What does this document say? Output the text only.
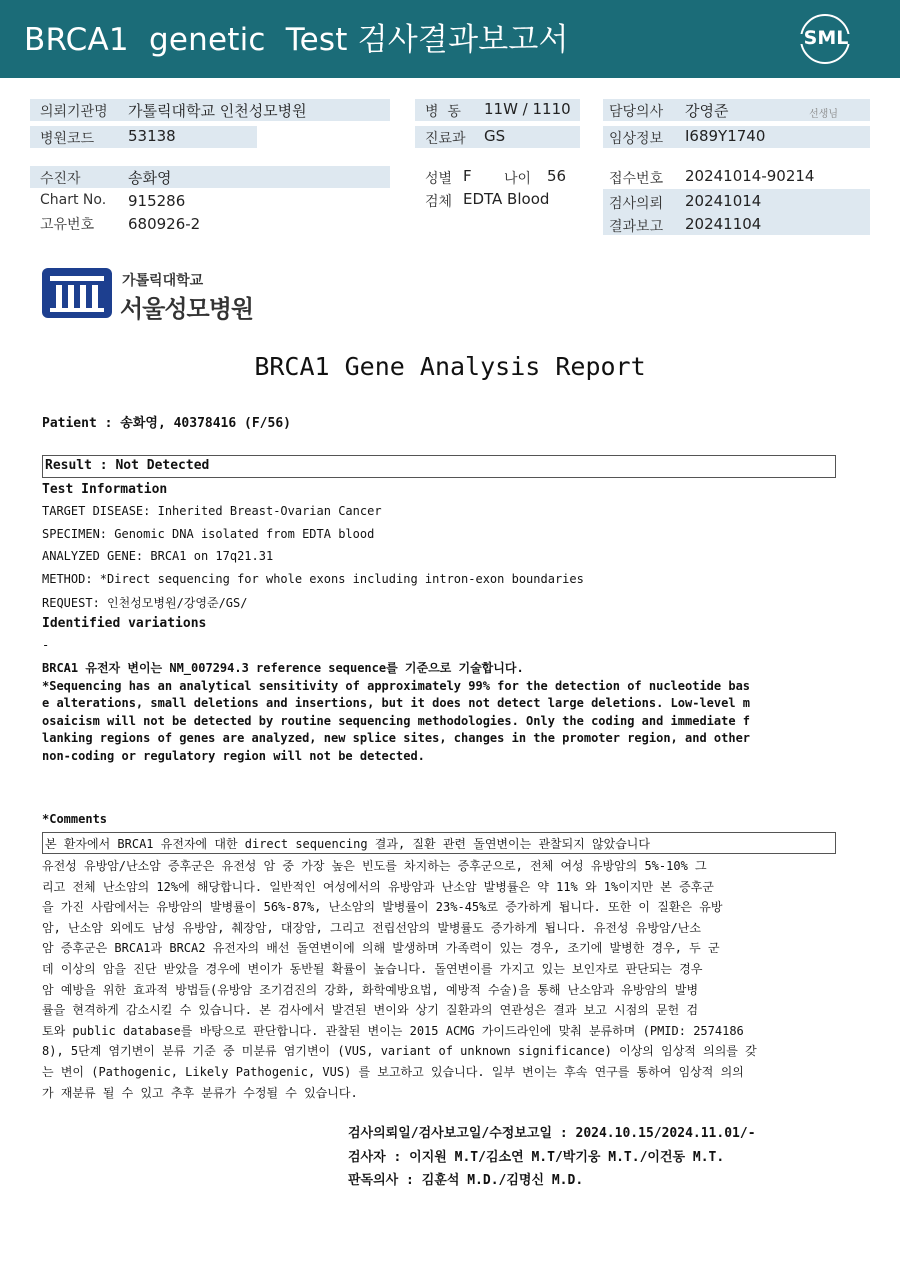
BRCA1  genetic  Test 검사결과보고서	SML
의뢰기관명 가톨릭대학교 인천성모병원
병원코드 53138
병  동 11W / 1110
진료과 GS
담당의사 강영준	선생님
임상정보 I689Y1740
수진자	송화영
Chart No. 915286
고유번호 680926-2
성별 F 나이 56
검체 EDTA Blood
접수번호 20241014-90214
검사의뢰 20241014
결과보고 20241104
가톨릭대학교
서울성모병원
BRCA1 Gene Analysis Report
Patient : 송화영, 40378416 (F/56)
Result : Not Detected
Test Information
TARGET DISEASE: Inherited Breast-Ovarian Cancer
SPECIMEN: Genomic DNA isolated from EDTA blood
ANALYZED GENE: BRCA1 on 17q21.31
METHOD: *Direct sequencing for whole exons including intron-exon boundaries
REQUEST: 인천성모병원/강영준/GS/
Identified variations
-
BRCA1 유전자 변이는 NM_007294.3 reference sequence를 기준으로 기술합니다.
*Sequencing has an analytical sensitivity of approximately 99% for the detection of nucleotide bas
e alterations, small deletions and insertions, but it does not detect large deletions. Low-level m
osaicism will not be detected by routine sequencing methodologies. Only the coding and immediate f
lanking regions of genes are analyzed, new splice sites, changes in the promoter region, and other
non-coding or regulatory region will not be detected.
*Comments
본 환자에서 BRCA1 유전자에 대한 direct sequencing 결과, 질환 관련 돌연변이는 관찰되지 않았습니다
유전성 유방암/난소암 증후군은 유전성 암 중 가장 높은 빈도를 차지하는 증후군으로, 전체 여성 유방암의 5%-10% 그
리고 전체 난소암의 12%에 해당합니다. 일반적인 여성에서의 유방암과 난소암 발병률은 약 11% 와 1%이지만 본 증후군
을 가진 사람에서는 유방암의 발병률이 56%-87%, 난소암의 발병률이 23%-45%로 증가하게 됩니다. 또한 이 질환은 유방
암, 난소암 외에도 남성 유방암, 췌장암, 대장암, 그리고 전립선암의 발병률도 증가하게 됩니다. 유전성 유방암/난소
암 증후군은 BRCA1과 BRCA2 유전자의 배선 돌연변이에 의해 발생하며 가족력이 있는 경우, 조기에 발병한 경우, 두 군
데 이상의 암을 진단 받았을 경우에 변이가 동반될 확률이 높습니다. 돌연변이를 가지고 있는 보인자로 판단되는 경우
암 예방을 위한 효과적 방법들(유방암 조기검진의 강화, 화학예방요법, 예방적 수술)을 통해 난소암과 유방암의 발병
률을 현격하게 감소시킬 수 있습니다. 본 검사에서 발견된 변이와 상기 질환과의 연관성은 결과 보고 시점의 문헌 검
토와 public database를 바탕으로 판단합니다. 관찰된 변이는 2015 ACMG 가이드라인에 맞춰 분류하며 (PMID: 2574186
8), 5단계 염기변이 분류 기준 중 미분류 염기변이 (VUS, variant of unknown significance) 이상의 임상적 의의를 갖
는 변이 (Pathogenic, Likely Pathogenic, VUS) 를 보고하고 있습니다. 일부 변이는 후속 연구를 통하여 임상적 의의
가 재분류 될 수 있고 추후 분류가 수정될 수 있습니다.
검사의뢰일/검사보고일/수정보고일 : 2024.10.15/2024.11.01/-
검사자 : 이지원 M.T/김소연 M.T/박기웅 M.T./이건동 M.T.
판독의사 : 김훈석 M.D./김명신 M.D.
